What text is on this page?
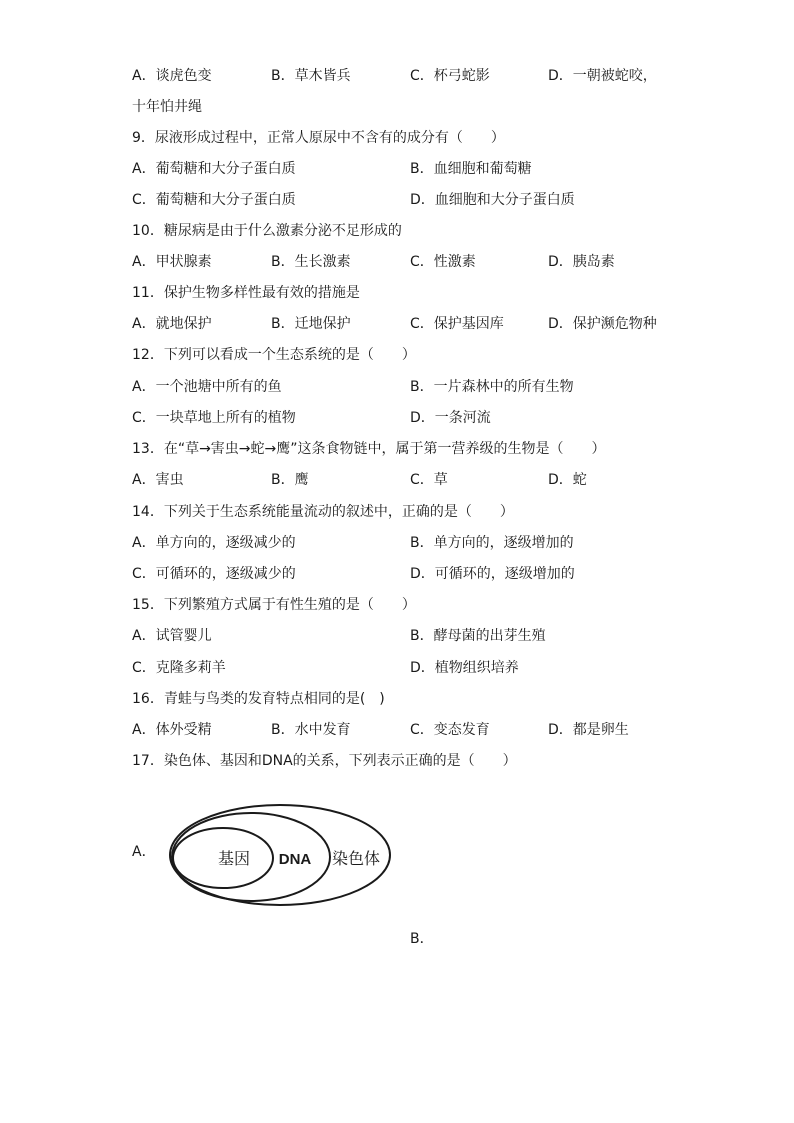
A．谈虎色变	B．草木皆兵	C．杯弓蛇影	D．一朝被蛇咬，
十年怕井绳
9．尿液形成过程中，正常人原尿中不含有的成分有（　　）
A．葡萄糖和大分子蛋白质	B．血细胞和葡萄糖
C．葡萄糖和大分子蛋白质	D．血细胞和大分子蛋白质
10．糖尿病是由于什么激素分泌不足形成的
A．甲状腺素	B．生长激素	C．性激素	D．胰岛素
11．保护生物多样性最有效的措施是
A．就地保护	B．迁地保护	C．保护基因库	D．保护濒危物种
12．下列可以看成一个生态系统的是（　　）
A．一个池塘中所有的鱼	B．一片森林中的所有生物
C．一块草地上所有的植物	D．一条河流
13．在“草→害虫→蛇→鹰”这条食物链中，属于第一营养级的生物是（　　）
A．害虫	B．鹰	C．草	D．蛇
14．下列关于生态系统能量流动的叙述中，正确的是（　　）
A．单方向的，逐级减少的	B．单方向的，逐级增加的
C．可循环的，逐级减少的	D．可循环的，逐级增加的
15．下列繁殖方式属于有性生殖的是（　　）
A．试管婴儿	B．酵母菌的出芽生殖
C．克隆多莉羊	D．植物组织培养
16．青蛙与鸟类的发育特点相同的是(　)
A．体外受精	B．水中发育	C．变态发育	D．都是卵生
17．染色体、基因和DNA的关系，下列表示正确的是（　　）
A．	基因 DNA 染色体
B．
